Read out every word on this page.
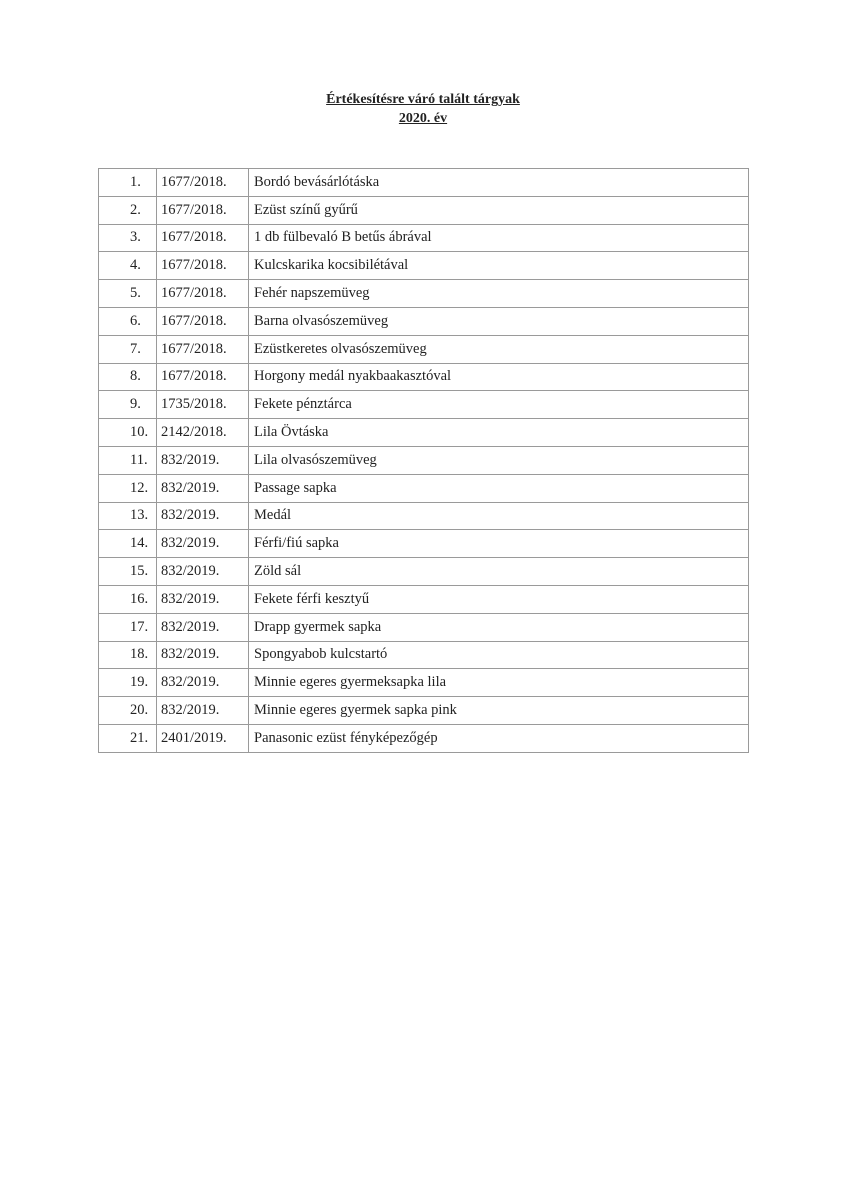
Értékesítésre váró talált tárgyak
2020. év
1.	1677/2018.	Bordó bevásárlótáska
2.	1677/2018.	Ezüst színű gyűrű
3.	1677/2018.	1 db fülbevaló B betűs ábrával
4.	1677/2018.	Kulcskarika kocsibilétával
5.	1677/2018.	Fehér napszemüveg
6.	1677/2018.	Barna olvasószemüveg
7.	1677/2018.	Ezüstkeretes olvasószemüveg
8.	1677/2018.	Horgony medál nyakbaakasztóval
9.	1735/2018.	Fekete pénztárca
10.	2142/2018.	Lila Övtáska
11.	832/2019.	Lila olvasószemüveg
12.	832/2019.	Passage sapka
13.	832/2019.	Medál
14.	832/2019.	Férfi/fiú sapka
15.	832/2019.	Zöld sál
16.	832/2019.	Fekete férfi kesztyű
17.	832/2019.	Drapp gyermek sapka
18.	832/2019.	Spongyabob kulcstartó
19.	832/2019.	Minnie egeres gyermeksapka lila
20.	832/2019.	Minnie egeres gyermek sapka pink
21.	2401/2019.	Panasonic ezüst fényképezőgép
